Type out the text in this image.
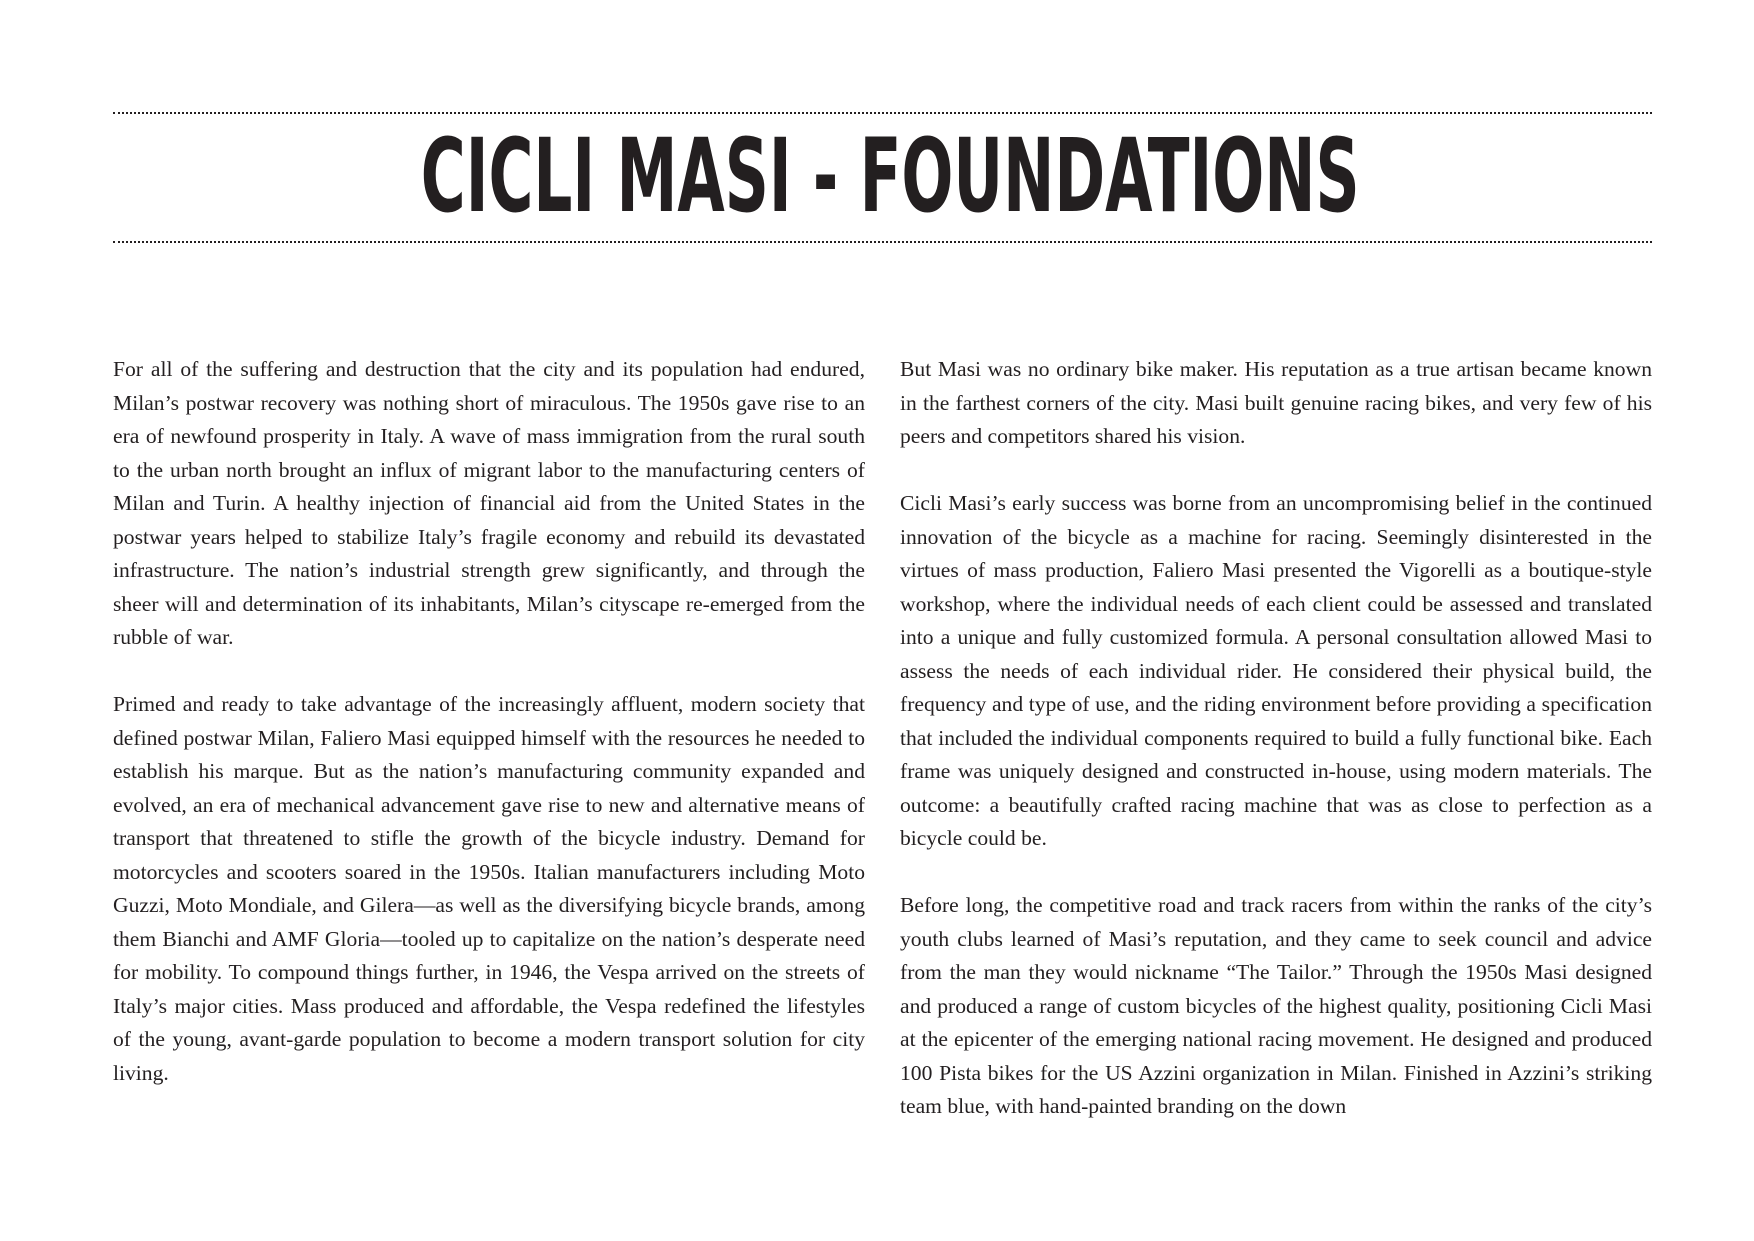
CICLI MASI - FOUNDATIONS

For all of the suffering and destruction that the city and its population had endured, Milan’s postwar recovery was nothing short of miraculous. The 1950s gave rise to an era of newfound prosperity in Italy. A wave of mass immigration from the rural south to the urban north brought an influx of migrant labor to the manufacturing centers of Milan and Turin. A healthy injection of financial aid from the United States in the postwar years helped to stabilize Italy’s fragile economy and rebuild its devastated infrastructure. The nation’s industrial strength grew significantly, and through the sheer will and determination of its inhabitants, Milan’s cityscape re-emerged from the rubble of war.

Primed and ready to take advantage of the increasingly affluent, modern society that defined postwar Milan, Faliero Masi equipped himself with the resources he needed to establish his marque. But as the nation’s manufacturing community expanded and evolved, an era of mechanical advancement gave rise to new and alternative means of transport that threatened to stifle the growth of the bicycle industry. Demand for motorcycles and scooters soared in the 1950s. Italian manufacturers including Moto Guzzi, Moto Mondiale, and Gilera—as well as the diversifying bicycle brands, among them Bianchi and AMF Gloria—tooled up to capitalize on the nation’s desperate need for mobility. To compound things further, in 1946, the Vespa arrived on the streets of Italy’s major cities. Mass produced and affordable, the Vespa redefined the lifestyles of the young, avant-garde population to become a modern transport solution for city living.

But Masi was no ordinary bike maker. His reputation as a true artisan became known in the farthest corners of the city. Masi built genuine racing bikes, and very few of his peers and competitors shared his vision.

Cicli Masi’s early success was borne from an uncompromising belief in the continued innovation of the bicycle as a machine for racing. Seemingly disinterested in the virtues of mass production, Faliero Masi presented the Vigorelli as a boutique-style workshop, where the individual needs of each client could be assessed and translated into a unique and fully customized formula. A personal consultation allowed Masi to assess the needs of each individual rider. He considered their physical build, the frequency and type of use, and the riding environment before providing a specification that included the individual components required to build a fully functional bike. Each frame was uniquely designed and constructed in-house, using modern materials. The outcome: a beautifully crafted racing machine that was as close to perfection as a bicycle could be.

Before long, the competitive road and track racers from within the ranks of the city’s youth clubs learned of Masi’s reputation, and they came to seek council and advice from the man they would nickname “The Tailor.” Through the 1950s Masi designed and produced a range of custom bicycles of the highest quality, positioning Cicli Masi at the epicenter of the emerging national racing movement. He designed and produced 100 Pista bikes for the US Azzini organization in Milan. Finished in Azzini’s striking team blue, with hand-painted branding on the down
